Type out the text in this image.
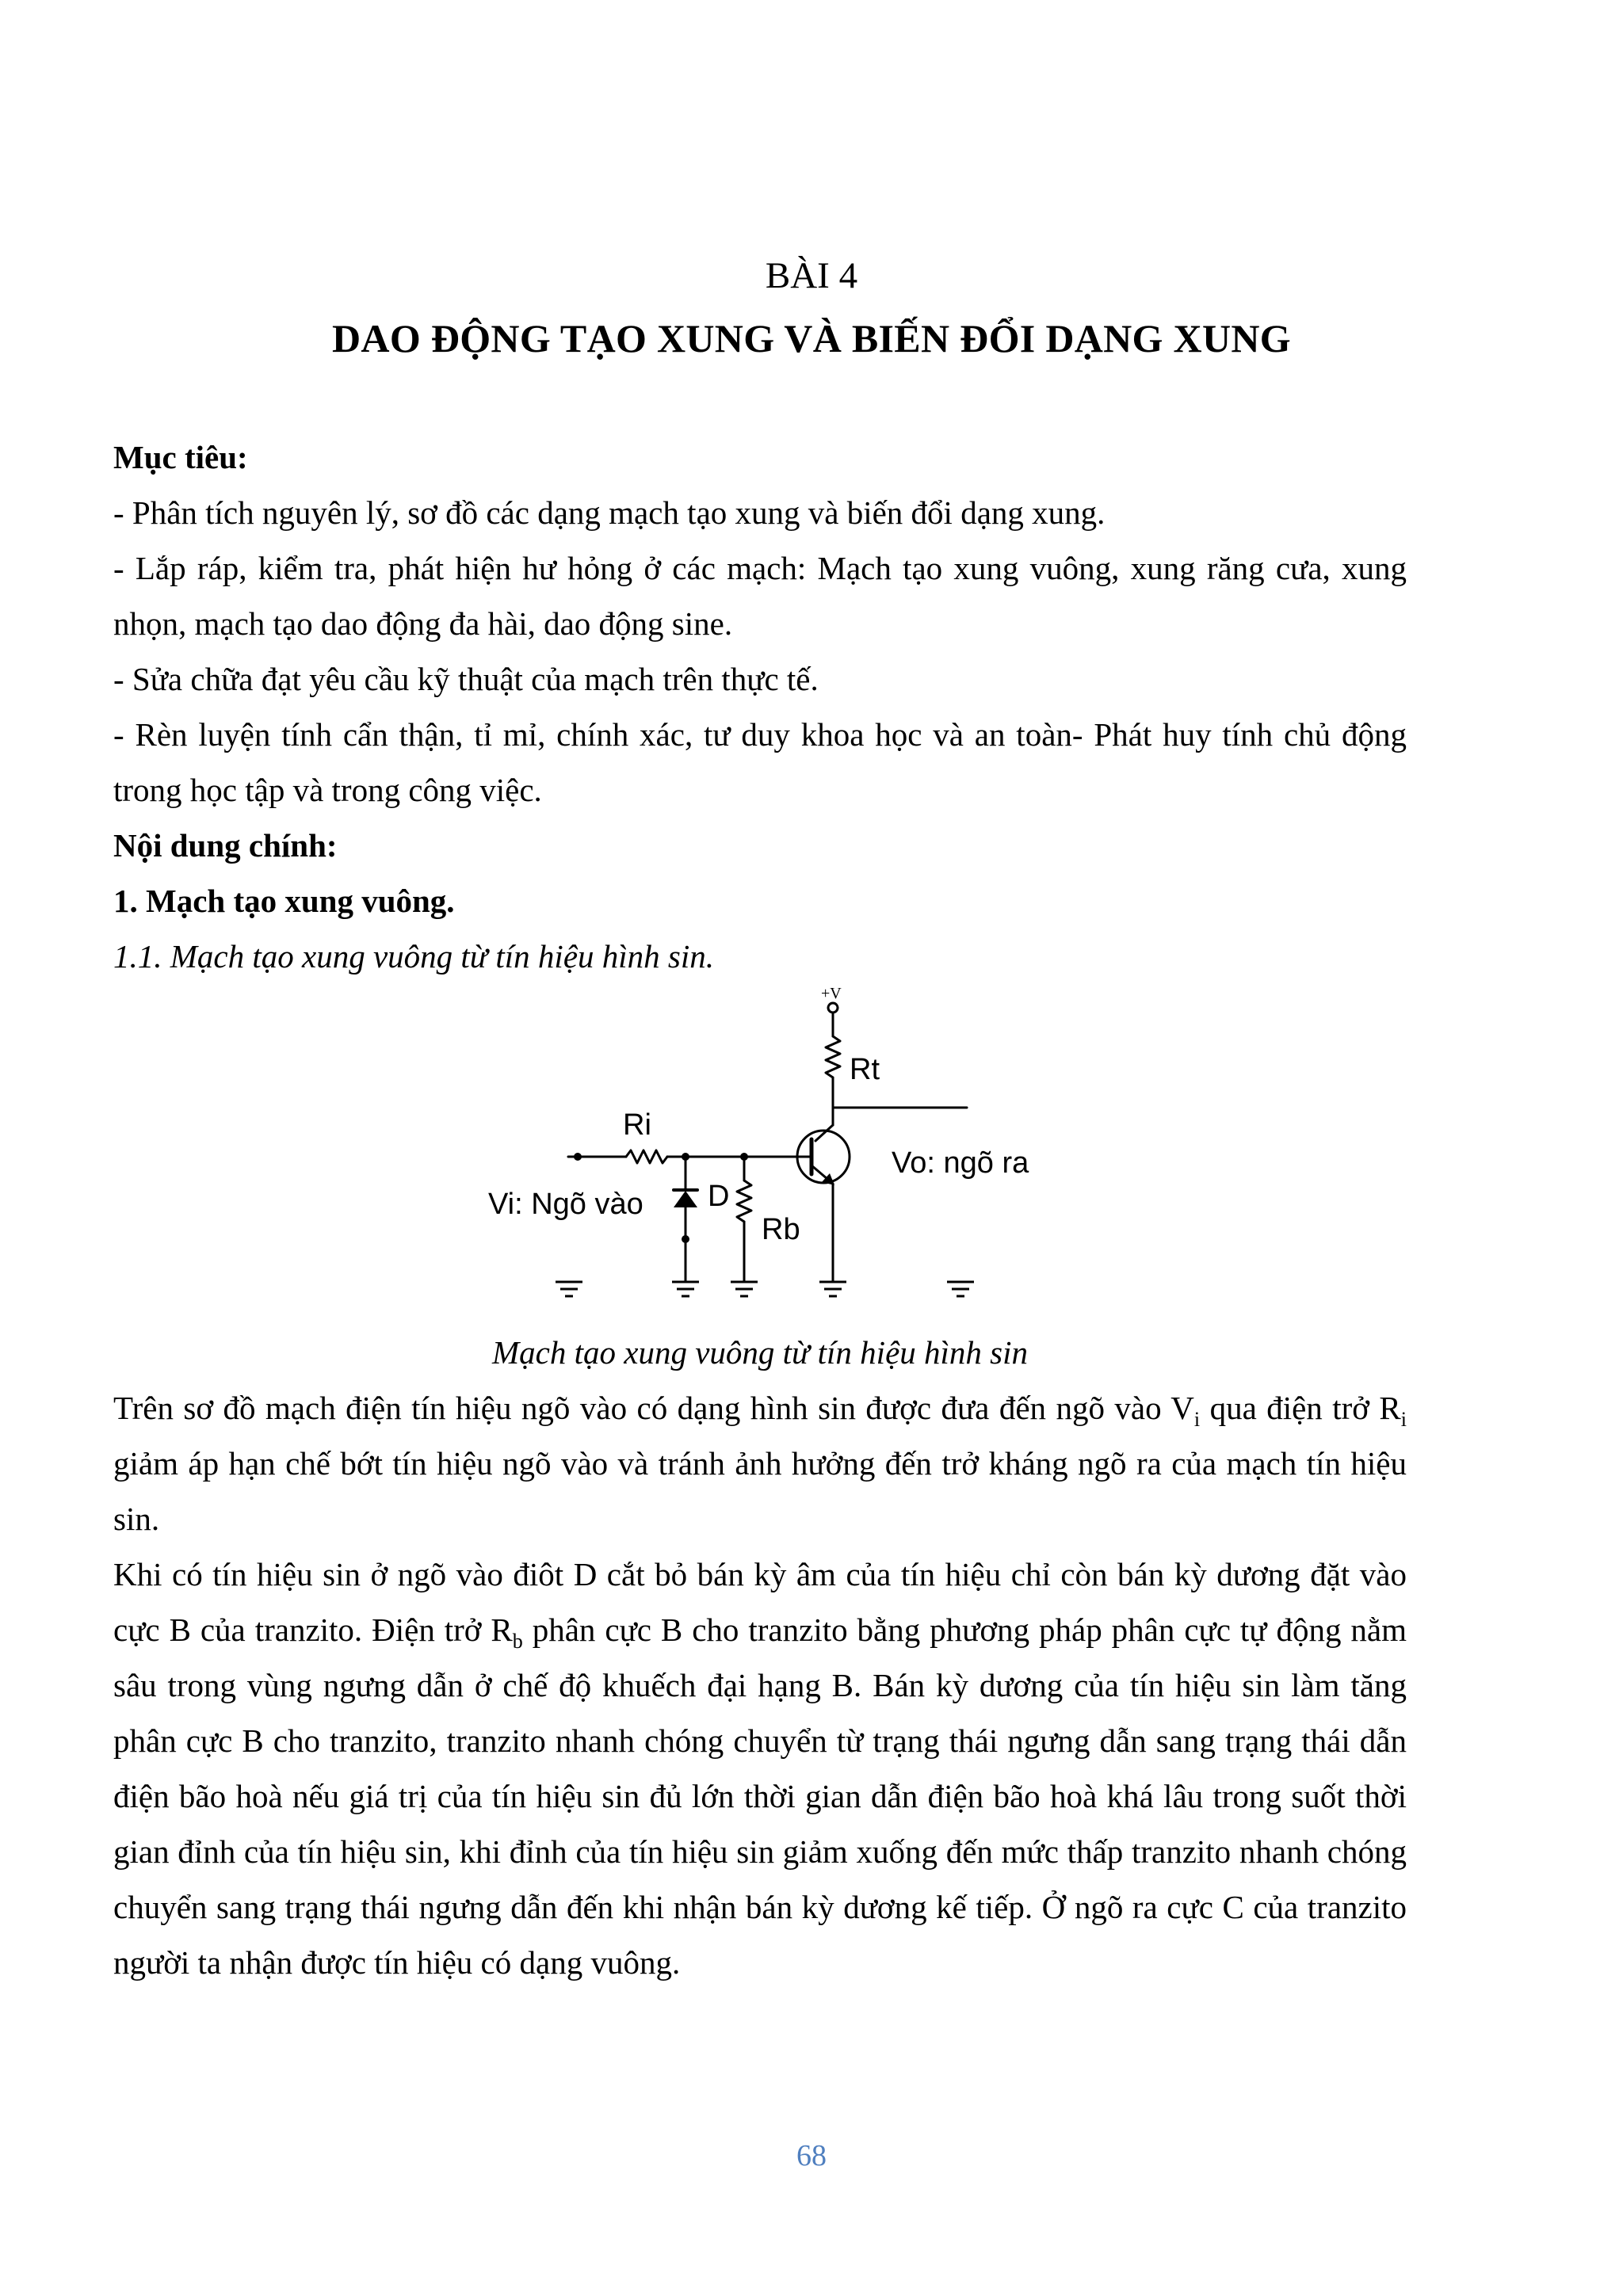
BÀI 4
DAO ĐỘNG TẠO XUNG VÀ BIẾN ĐỔI DẠNG XUNG

Mục tiêu:

- Phân tích nguyên lý, sơ đồ các dạng mạch tạo xung và biến đổi dạng xung.

- Lắp ráp, kiểm tra, phát hiện hư hỏng ở các mạch: Mạch tạo xung vuông, xung răng cưa, xung nhọn, mạch tạo dao động đa hài, dao động sine.

- Sửa chữa đạt yêu cầu kỹ thuật của mạch trên thực tế.

- Rèn luyện tính cẩn thận, tỉ mỉ, chính xác, tư duy khoa học và an toàn- Phát huy tính chủ động trong học tập và trong công việc.

Nội dung chính:

1. Mạch tạo xung vuông.

1.1. Mạch tạo xung vuông từ tín hiệu hình sin.

+V
Rt
Ri
D
Rb
Vi: Ngõ vào
Vo: ngõ ra

Mạch tạo xung vuông từ tín hiệu hình sin

Trên sơ đồ mạch điện tín hiệu ngõ vào có dạng hình sin được đưa đến ngõ vào $V_i$ qua điện trở $R_i$ giảm áp hạn chế bớt tín hiệu ngõ vào và tránh ảnh hưởng đến trở kháng ngõ ra của mạch tín hiệu sin.

Khi có tín hiệu sin ở ngõ vào điôt D cắt bỏ bán kỳ âm của tín hiệu chỉ còn bán kỳ dương đặt vào cực B của tranzito. Điện trở $R_b$ phân cực B cho tranzito bằng phương pháp phân cực tự động nằm sâu trong vùng ngưng dẫn ở chế độ khuếch đại hạng B. Bán kỳ dương của tín hiệu sin làm tăng phân cực B cho tranzito, tranzito nhanh chóng chuyển từ trạng thái ngưng dẫn sang trạng thái dẫn điện bão hoà nếu giá trị của tín hiệu sin đủ lớn thời gian dẫn điện bão hoà khá lâu trong suốt thời gian đỉnh của tín hiệu sin, khi đỉnh của tín hiệu sin giảm xuống đến mức thấp tranzito nhanh chóng chuyển sang trạng thái ngưng dẫn đến khi nhận bán kỳ dương kế tiếp. Ở ngõ ra cực C của tranzito người ta nhận được tín hiệu có dạng vuông.

68
